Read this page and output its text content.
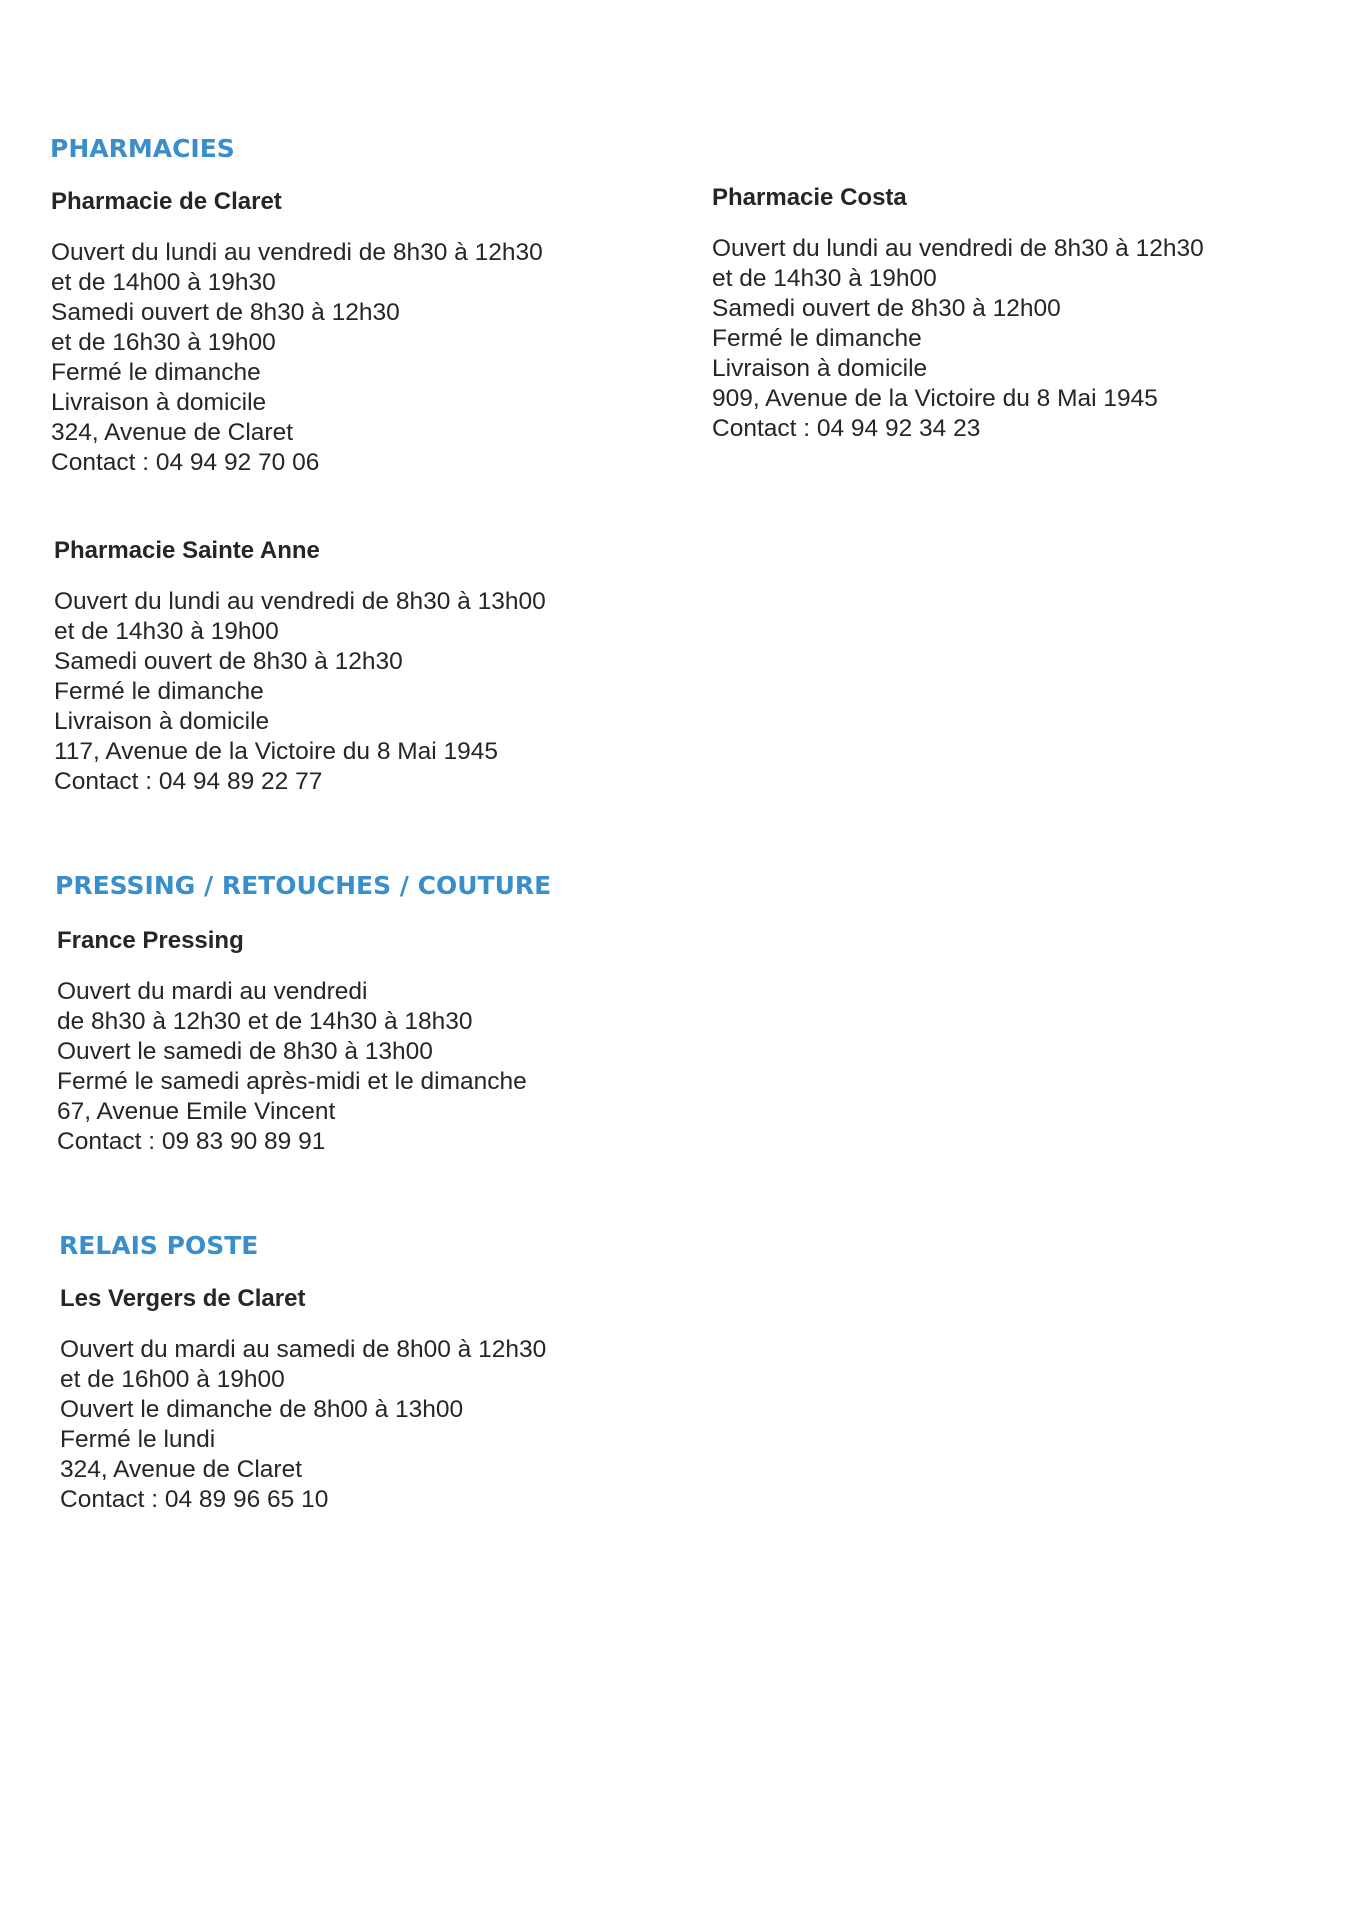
PHARMACIES
Pharmacie de Claret
Ouvert du lundi au vendredi de 8h30 à 12h30
et de 14h00 à 19h30
Samedi ouvert de 8h30 à 12h30
et de 16h30 à 19h00
Fermé le dimanche
Livraison à domicile
324, Avenue de Claret
Contact : 04 94 92 70 06
Pharmacie Costa
Ouvert du lundi au vendredi de 8h30 à 12h30
et de 14h30 à 19h00
Samedi ouvert de 8h30 à 12h00
Fermé le dimanche
Livraison à domicile
909, Avenue de la Victoire du 8 Mai 1945
Contact : 04 94 92 34 23
Pharmacie Sainte Anne
Ouvert du lundi au vendredi de 8h30 à 13h00
et de 14h30 à 19h00
Samedi ouvert de 8h30 à 12h30
Fermé le dimanche
Livraison à domicile
117, Avenue de la Victoire du 8 Mai 1945
Contact : 04 94 89 22 77
PRESSING / RETOUCHES / COUTURE
France Pressing
Ouvert du mardi au vendredi
de 8h30 à 12h30 et de 14h30 à 18h30
Ouvert le samedi de 8h30 à 13h00
Fermé le samedi après-midi et le dimanche
67, Avenue Emile Vincent
Contact : 09 83 90 89 91
RELAIS POSTE
Les Vergers de Claret
Ouvert du mardi au samedi de 8h00 à 12h30
et de 16h00 à 19h00
Ouvert le dimanche de 8h00 à 13h00
Fermé le lundi
324, Avenue de Claret
Contact : 04 89 96 65 10
